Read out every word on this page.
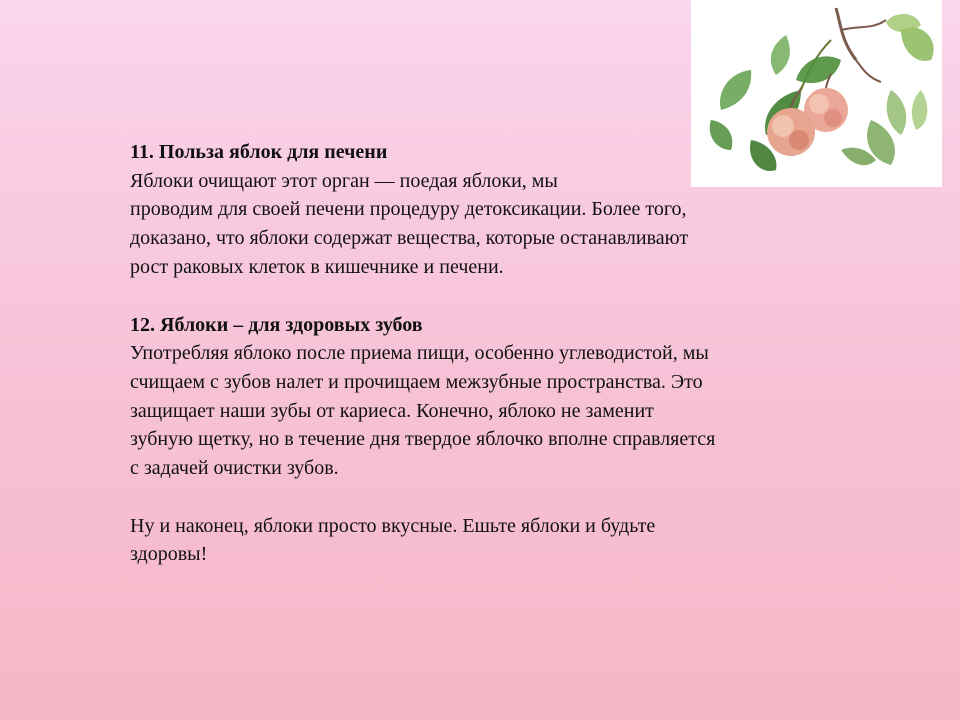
11. Польза яблок для печени

Яблоки очищают этот орган — поедая яблоки, мы
проводим для своей печени процедуру детоксикации. Более того,
доказано, что яблоки содержат вещества, которые останавливают
рост раковых клеток в кишечнике и печени.

12. Яблоки – для здоровых зубов

Употребляя яблоко после приема пищи, особенно углеводистой, мы
счищаем с зубов налет и прочищаем межзубные пространства. Это
защищает наши зубы от кариеса. Конечно, яблоко не заменит
зубную щетку, но в течение дня твердое яблочко вполне справляется
с задачей очистки зубов.
Ну и наконец, яблоки просто вкусные. Ешьте яблоки и будьте
здоровы!
